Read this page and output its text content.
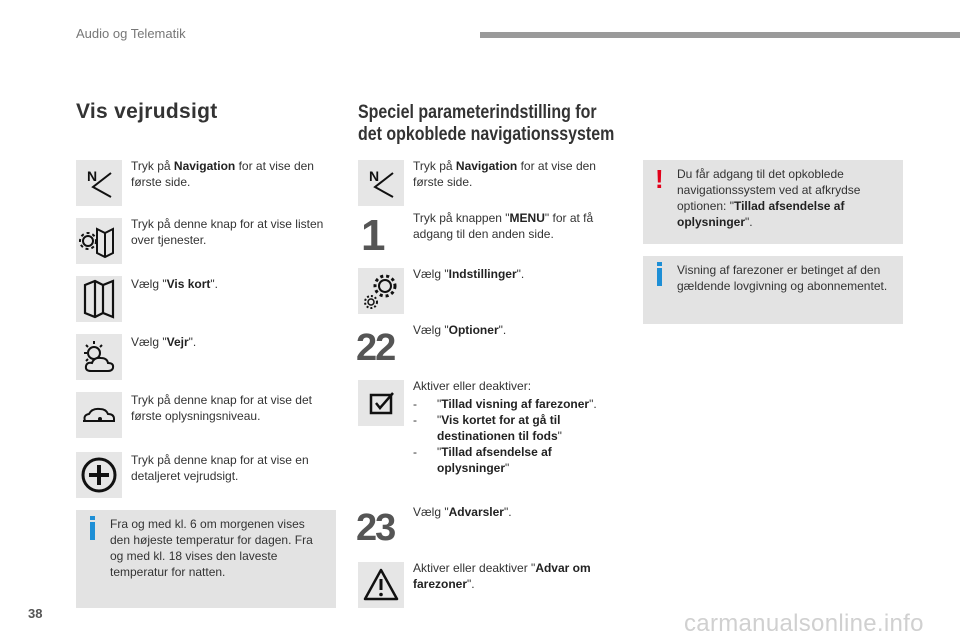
Audio og Telematik
Vis vejrudsigt
N
Tryk på Navigation for at vise den første side.
Tryk på denne knap for at vise listen over tjenester.
Vælg "Vis kort".
Vælg "Vejr".
Tryk på denne knap for at vise det første oplysningsniveau.
Tryk på denne knap for at vise en detaljeret vejrudsigt.
Fra og med kl. 6 om morgenen vises den højeste temperatur for dagen. Fra og med kl. 18 vises den laveste temperatur for natten.
Speciel parameterindstilling for
det opkoblede navigationssystem
N
Tryk på Navigation for at vise den første side.
1 Tryk på knappen "MENU" for at få adgang til den anden side.
Vælg "Indstillinger".
22 Vælg "Optioner".
Aktiver eller deaktiver:
-	"Tillad visning af farezoner".
-	"Vis kortet for at gå til destinationen til fods"
-	"Tillad afsendelse af oplysninger"
23 Vælg "Advarsler".
Aktiver eller deaktiver "Advar om farezoner".
! Du får adgang til det opkoblede navigationssystem ved at afkrydse optionen: "Tillad afsendelse af oplysninger".
Visning af farezoner er betinget af den gældende lovgivning og abonnementet.
38	carmanualsonline.info
